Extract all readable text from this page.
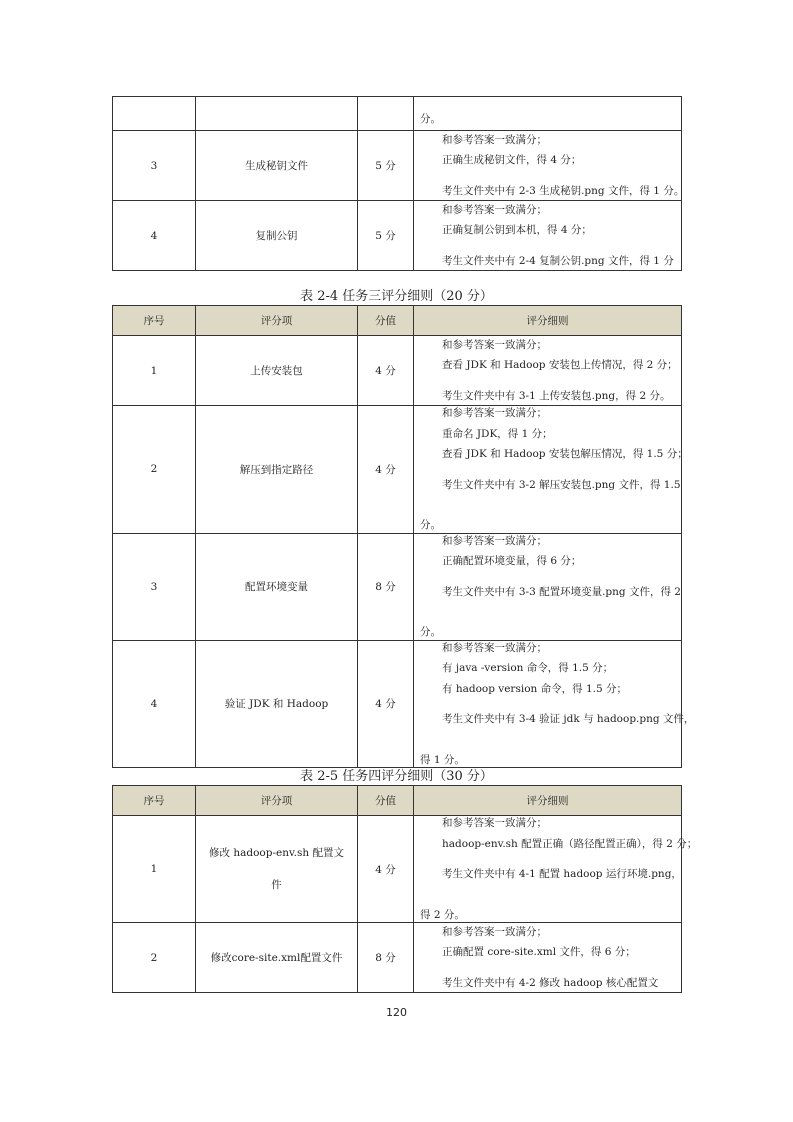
			分。

3	生成秘钥文件	5 分	和参考答案一致满分；
正确生成秘钥文件，得 4 分；
考生文件夹中有 2-3 生成秘钥.png 文件，得 1 分。

4	复制公钥	5 分	和参考答案一致满分；
正确复制公钥到本机，得 4 分；
考生文件夹中有 2-4 复制公钥.png 文件，得 1 分
表 2-4 任务三评分细则（20 分）
序号	评分项	分值	评分细则
1	上传安装包	4 分	和参考答案一致满分；
查看 JDK 和 Hadoop 安装包上传情况，得 2 分；
考生文件夹中有 3-1 上传安装包.png，得 2 分。

2	解压到指定路径	4 分	和参考答案一致满分；
重命名 JDK，得 1 分；
查看 JDK 和 Hadoop 安装包解压情况，得 1.5 分；
考生文件夹中有 3-2 解压安装包.png 文件，得 1.5
分。

3	配置环境变量	8 分	和参考答案一致满分；
正确配置环境变量，得 6 分；
考生文件夹中有 3-3 配置环境变量.png 文件，得 2
分。

4	验证 JDK 和 Hadoop	4 分	和参考答案一致满分；
有 java -version 命令，得 1.5 分；
有 hadoop version 命令，得 1.5 分；
考生文件夹中有 3-4 验证 jdk 与 hadoop.png 文件，
得 1 分。
表 2-5 任务四评分细则（30 分）
序号	评分项	分值	评分细则
1	修改 hadoop-env.sh 配置文
件	4 分	和参考答案一致满分；
hadoop-env.sh 配置正确（路径配置正确），得 2 分；
考生文件夹中有 4-1 配置 hadoop 运行环境.png，
得 2 分。

2	修改core-site.xml配置文件	8 分	和参考答案一致满分；
正确配置 core-site.xml 文件，得 6 分；
考生文件夹中有 4-2 修改 hadoop 核心配置文
120
